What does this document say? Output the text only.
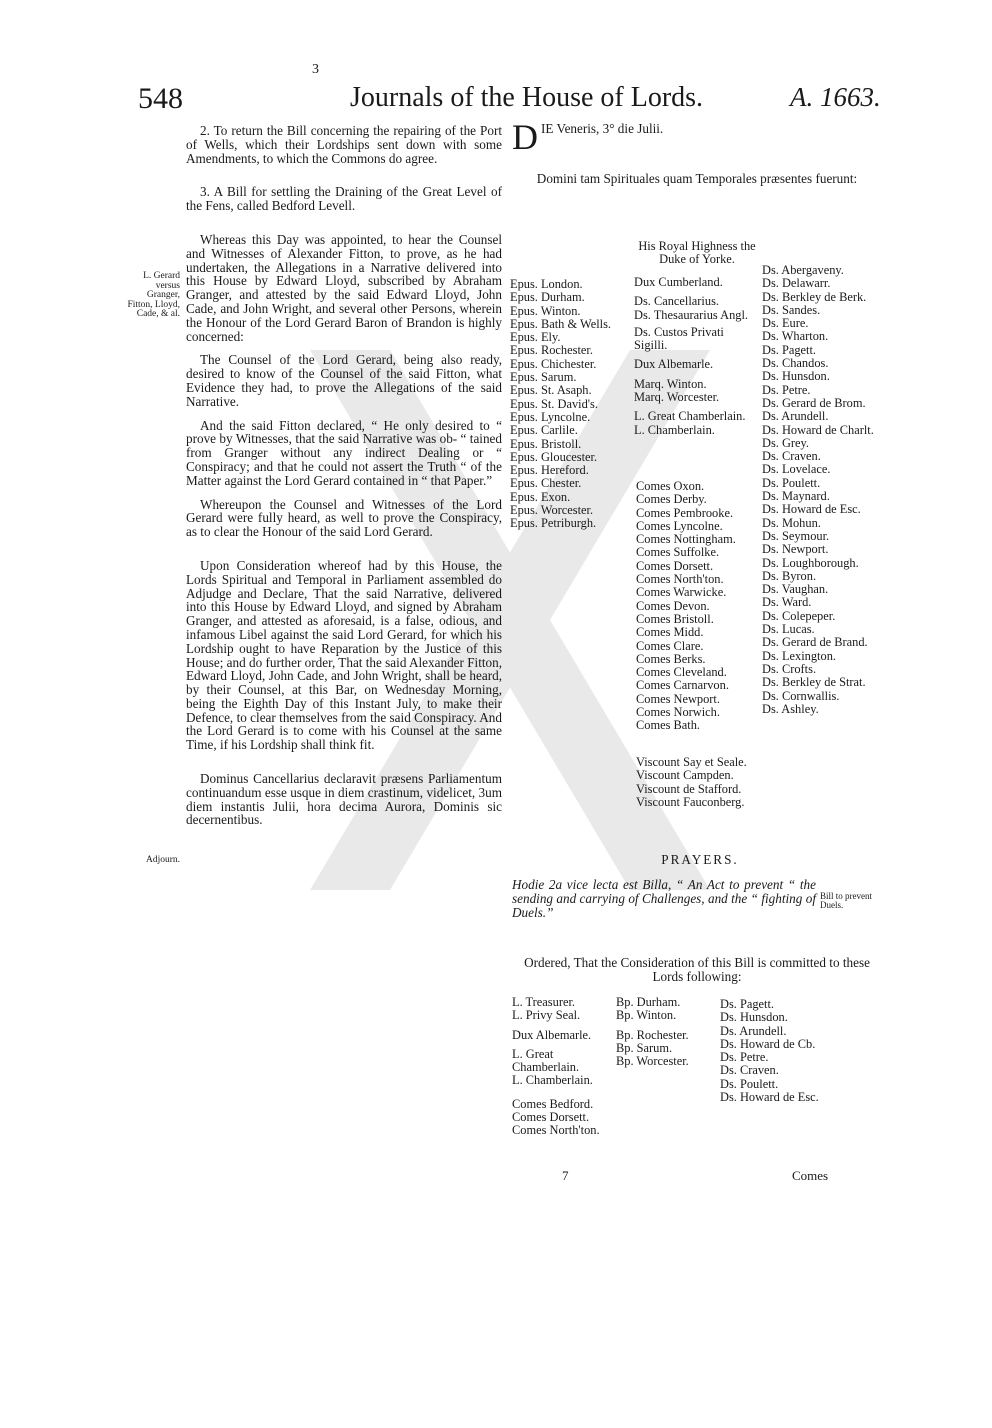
3
548	Journals of the House of Lords.	A. 1663.

2. To return the Bill concerning the repairing of the Port of Wells, which their Lordships sent down with some Amendments, to which the Commons do agree.

3. A Bill for settling the Draining of the Great Level of the Fens, called Bedford Levell.

Whereas this Day was appointed, to hear the Counsel and Witnesses of Alexander Fitton, to prove, as he had undertaken, the Allegations in a Narrative delivered into this House by Edward Lloyd, subscribed by Abraham Granger, and attested by the said Edward Lloyd, John Cade, and John Wright, and several other Persons, wherein the Honour of the Lord Gerard Baron of Brandon is highly concerned:

The Counsel of the Lord Gerard, being also ready, desired to know of the Counsel of the said Fitton, what Evidence they had, to prove the Allegations of the said Narrative.

And the said Fitton declared, “ He only desired to “ prove by Witnesses, that the said Narrative was ob- “ tained from Granger without any indirect Dealing or “ Conspiracy; and that he could not assert the Truth “ of the Matter against the Lord Gerard contained in “ that Paper.”

Whereupon the Counsel and Witnesses of the Lord Gerard were fully heard, as well to prove the Conspiracy, as to clear the Honour of the said Lord Gerard.

Upon Consideration whereof had by this House, the Lords Spiritual and Temporal in Parliament assembled do Adjudge and Declare, That the said Narrative, delivered into this House by Edward Lloyd, and signed by Abraham Granger, and attested as aforesaid, is a false, odious, and infamous Libel against the said Lord Gerard, for which his Lordship ought to have Reparation by the Justice of this House; and do further order, That the said Alexander Fitton, Edward Lloyd, John Cade, and John Wright, shall be heard, by their Counsel, at this Bar, on Wednesday Morning, being the Eighth Day of this Instant July, to make their Defence, to clear themselves from the said Conspiracy. And the Lord Gerard is to come with his Counsel at the same Time, if his Lordship shall think fit.

Dominus Cancellarius declaravit præsens Parliamentum continuandum esse usque in diem crastinum, videlicet, 3um diem instantis Julii, hora decima Aurora, Dominis sic decernentibus.

L. Gerard versus Granger, Fitton, Lloyd, Cade, & al.
Adjourn.
D IE Veneris, 3° die Julii.
Domini tam Spirituales quam Temporales præsentes fuerunt:
His Royal Highness the Duke of Yorke.
Epus. London.
Epus. Durham.
Epus. Winton.
Epus. Bath & Wells.
Epus. Ely.
Epus. Rochester.
Epus. Chichester.
Epus. Sarum.
Epus. St. Asaph.
Epus. St. David's.
Epus. Lyncolne.
Epus. Carlile.
Epus. Bristoll.
Epus. Gloucester.
Epus. Hereford.
Epus. Chester.
Epus. Exon.
Epus. Worcester.
Epus. Petriburgh.
Dux Cumberland.
Ds. Cancellarius.
Ds. Thesaurarius Angl.
Ds. Custos Privati Sigilli.
Dux Albemarle.
Marq. Winton.
Marq. Worcester.
L. Great Chamberlain.
L. Chamberlain.
Comes Oxon.
Comes Derby.
Comes Pembrooke.
Comes Lyncolne.
Comes Nottingham.
Comes Suffolke.
Comes Dorsett.
Comes North'ton.
Comes Warwicke.
Comes Devon.
Comes Bristoll.
Comes Midd.
Comes Clare.
Comes Berks.
Comes Cleveland.
Comes Carnarvon.
Comes Newport.
Comes Norwich.
Comes Bath.
Viscount Say et Seale.
Viscount Campden.
Viscount de Stafford.
Viscount Fauconberg.
Ds. Abergaveny.
Ds. Delawarr.
Ds. Berkley de Berk.
Ds. Sandes.
Ds. Eure.
Ds. Wharton.
Ds. Pagett.
Ds. Chandos.
Ds. Hunsdon.
Ds. Petre.
Ds. Gerard de Brom.
Ds. Arundell.
Ds. Howard de Charlt.
Ds. Grey.
Ds. Craven.
Ds. Lovelace.
Ds. Poulett.
Ds. Maynard.
Ds. Howard de Esc.
Ds. Mohun.
Ds. Seymour.
Ds. Newport.
Ds. Loughborough.
Ds. Byron.
Ds. Vaughan.
Ds. Ward.
Ds. Colepeper.
Ds. Lucas.
Ds. Gerard de Brand.
Ds. Lexington.
Ds. Crofts.
Ds. Berkley de Strat.
Ds. Cornwallis.
Ds. Ashley.
PRAYERS.
Hodie 2a vice lecta est Billa, “ An Act to prevent “ the sending and carrying of Challenges, and the “ fighting of Duels.”
Bill to prevent Duels.
Ordered, That the Consideration of this Bill is committed to these Lords following:
L. Treasurer.
L. Privy Seal.
Dux Albemarle.
L. Great Chamberlain.
L. Chamberlain.
Comes Bedford.
Comes Dorsett.
Comes North'ton.
Bp. Durham.
Bp. Winton.
Bp. Rochester.
Bp. Sarum.
Bp. Worcester.
Ds. Pagett.
Ds. Hunsdon.
Ds. Arundell.
Ds. Howard de Cb.
Ds. Petre.
Ds. Craven.
Ds. Poulett.
Ds. Howard de Esc.
7	Comes
